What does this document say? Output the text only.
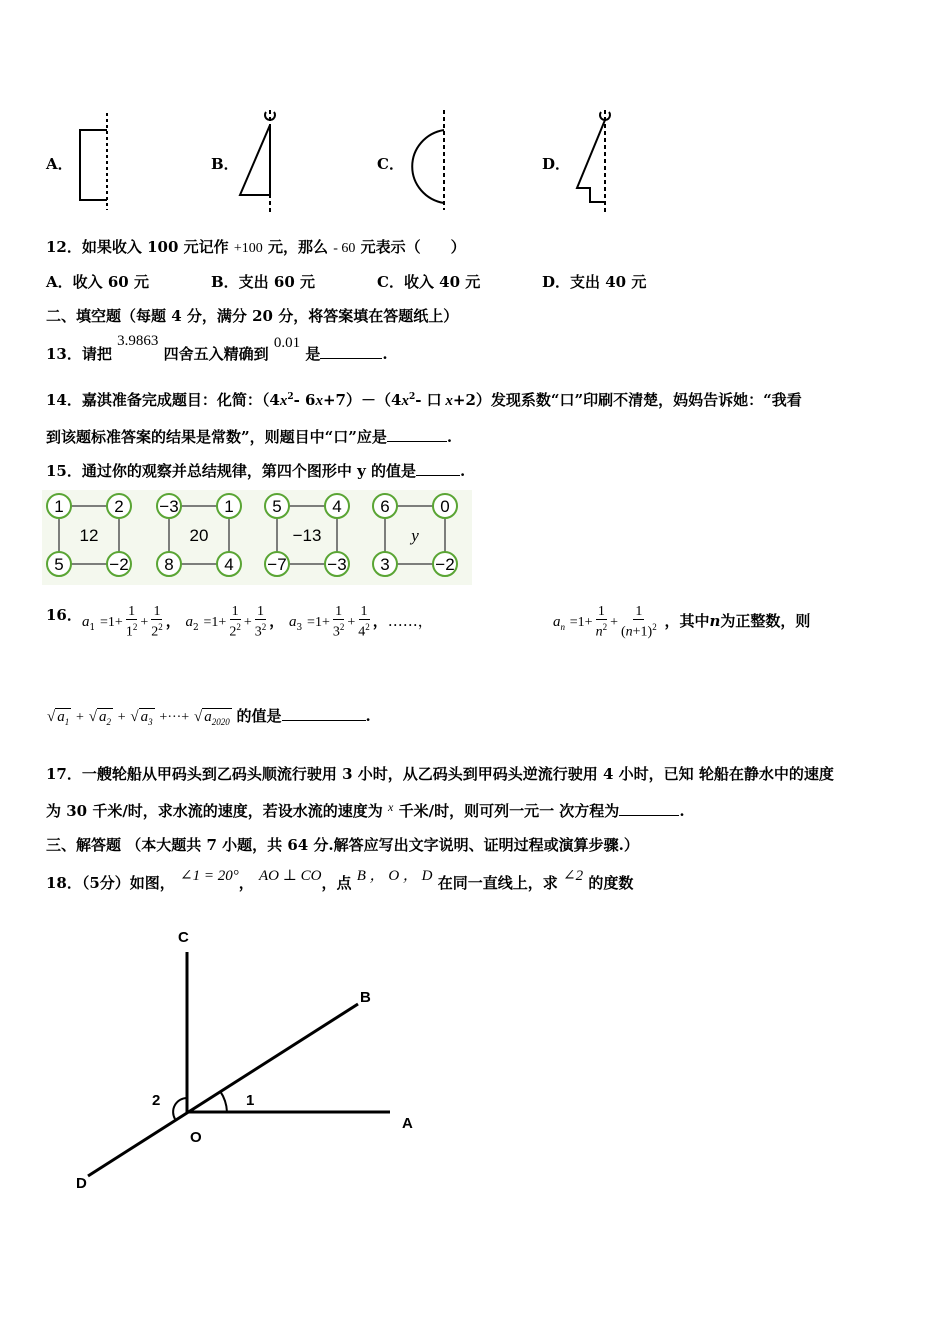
A．	B．	C．	D．
12．如果收入 100 元记作 +100 元，那么 - 60 元表示（　　）
A．收入 60 元	B．支出 60 元	C．收入 40 元	D．支出 40 元
二、填空题（每题 4 分，满分 20 分，将答案填在答题纸上）
13．请把 3.9863 四舍五入精确到 0.01 是	.
14．嘉淇准备完成题目：化简：（$4x^2-$ $6x+7)-(4x^2-$ 口 x+2）发现系数“口”印刷不清楚，妈妈告诉她：“我看
到该题标准答案的结果是常数”，则题目中“口”应是	.
15．通过你的观察并总结规律，第四个图形中 y 的值是	.
1	2
5	−2
12
−3	1
8	4
20
5	4
−7 −3
−13
6	0
3	−2
y
16． $a_1 =1+ \frac{1}{1^2} + \frac{1}{2^2}$ ， $a_2 =1+ \frac{1}{2^2} + \frac{1}{3^2}$ ， $a_3 =1+ \frac{1}{3^2} + \frac{1}{4^2}$ ，……，	$a_n =1+ \frac{1}{n^2} + \frac{1}{(n+1)^2}$ ，其中n为正整数，则
√ $a_1$ + √ $a_2$ + √ $a_3$ +···+ √ $a_{2020}$ 的值是	.
17．一艘轮船从甲码头到乙码头顺流行驶用 3 小时，从乙码头到甲码头逆流行驶用 4 小时，已知 轮船在静水中的速度
为 30 千米/时，求水流的速度，若设水流的速度为 $^x$ 千米/时，则可列一元一 次方程为	.
三、解答题 （本大题共 7 小题，共 64 分.解答应写出文字说明、证明过程或演算步骤.）
18．（5分）如图， ∠1 = 20°， AO ⊥ CO，点 B ， O ， D 在同一直线上，求 ∠2 的度数
C
B
A
O
D
1
2
